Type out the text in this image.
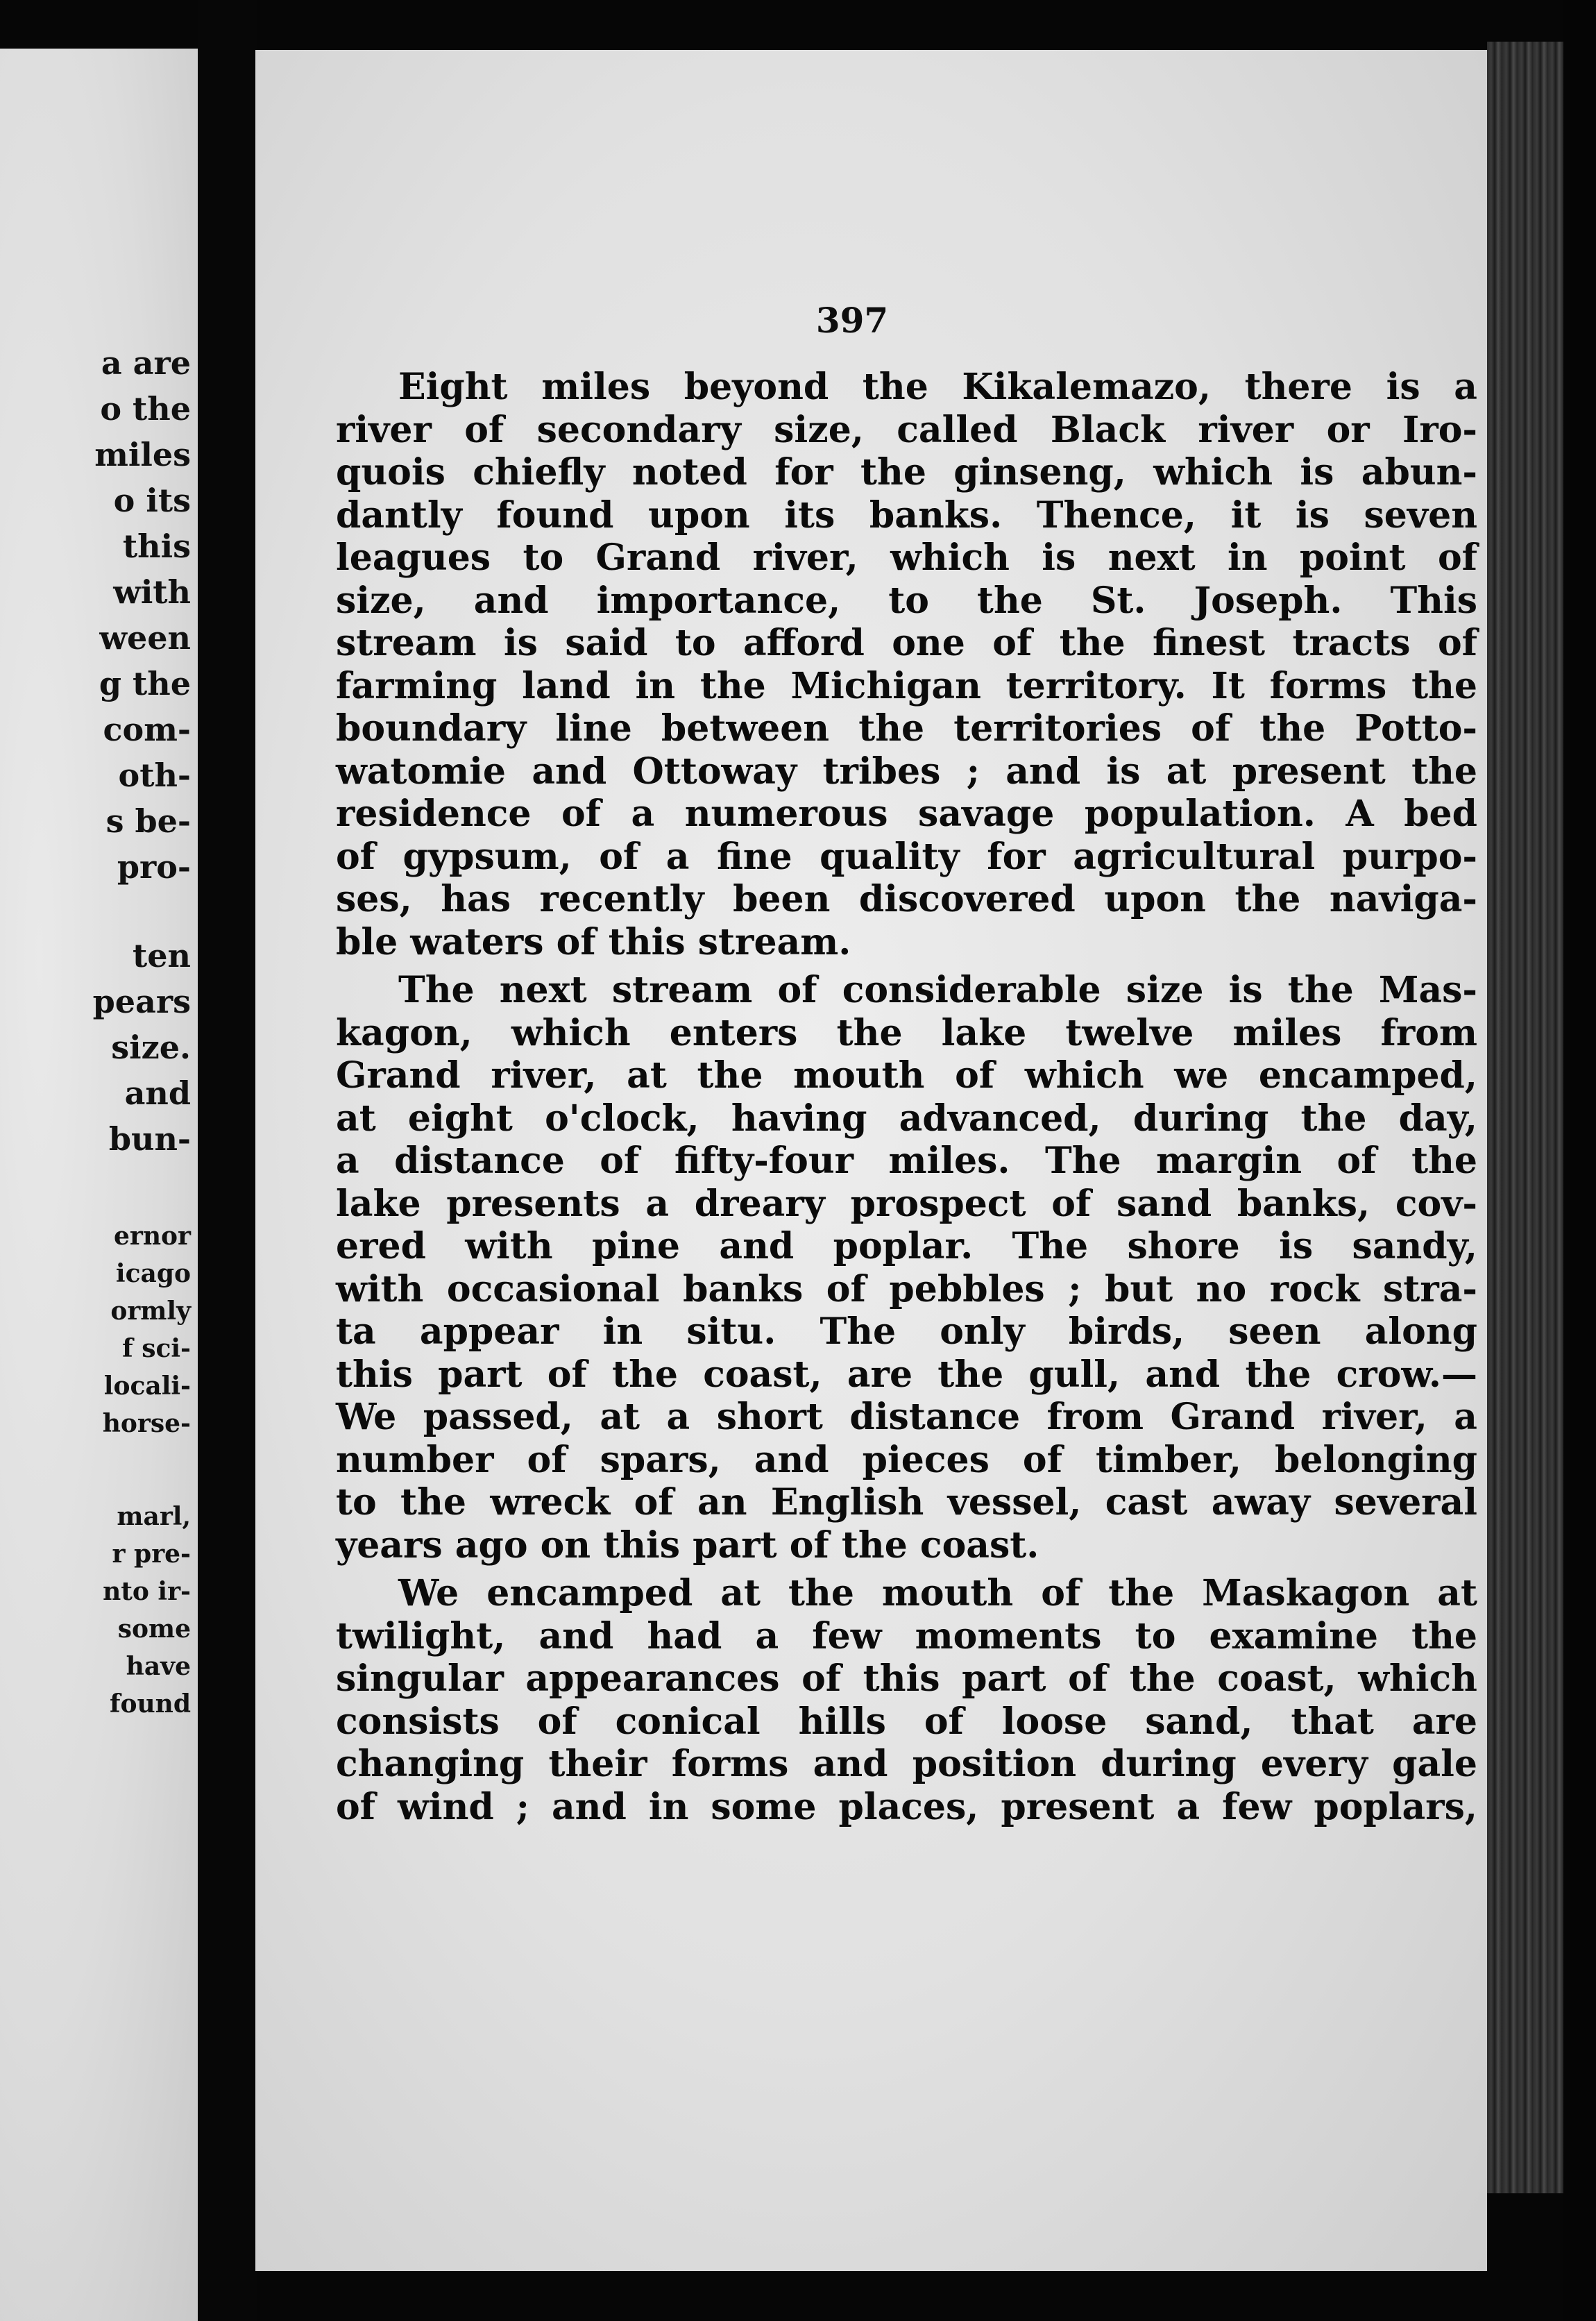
a are
o the
miles
o its
this
with
ween
g the
com-
oth-
s be-
pro-
ten
pears
size.
and
bun-
ernor
icago
ormly
f sci-
locali-
horse-
marl,
r pre-
nto ir-
some
have
found
397
Eight miles beyond the Kikalemazo, there is a
river of secondary size, called Black river or Iro-
quois chiefly noted for the ginseng, which is abun-
dantly found upon its banks. Thence, it is seven
leagues to Grand river, which is next in point of
size, and importance, to the St. Joseph. This
stream is said to afford one of the finest tracts of
farming land in the Michigan territory. It forms the
boundary line between the territories of the Potto-
watomie and Ottoway tribes ; and is at present the
residence of a numerous savage population. A bed
of gypsum, of a fine quality for agricultural purpo-
ses, has recently been discovered upon the naviga-
ble waters of this stream.
The next stream of considerable size is the Mas-
kagon, which enters the lake twelve miles from
Grand river, at the mouth of which we encamped,
at eight o'clock, having advanced, during the day,
a distance of fifty-four miles. The margin of the
lake presents a dreary prospect of sand banks, cov-
ered with pine and poplar. The shore is sandy,
with occasional banks of pebbles ; but no rock stra-
ta appear in situ. The only birds, seen along
this part of the coast, are the gull, and the crow.—
We passed, at a short distance from Grand river, a
number of spars, and pieces of timber, belonging
to the wreck of an English vessel, cast away several
years ago on this part of the coast.
We encamped at the mouth of the Maskagon at
twilight, and had a few moments to examine the
singular appearances of this part of the coast, which
consists of conical hills of loose sand, that are
changing their forms and position during every gale
of wind ; and in some places, present a few poplars,
